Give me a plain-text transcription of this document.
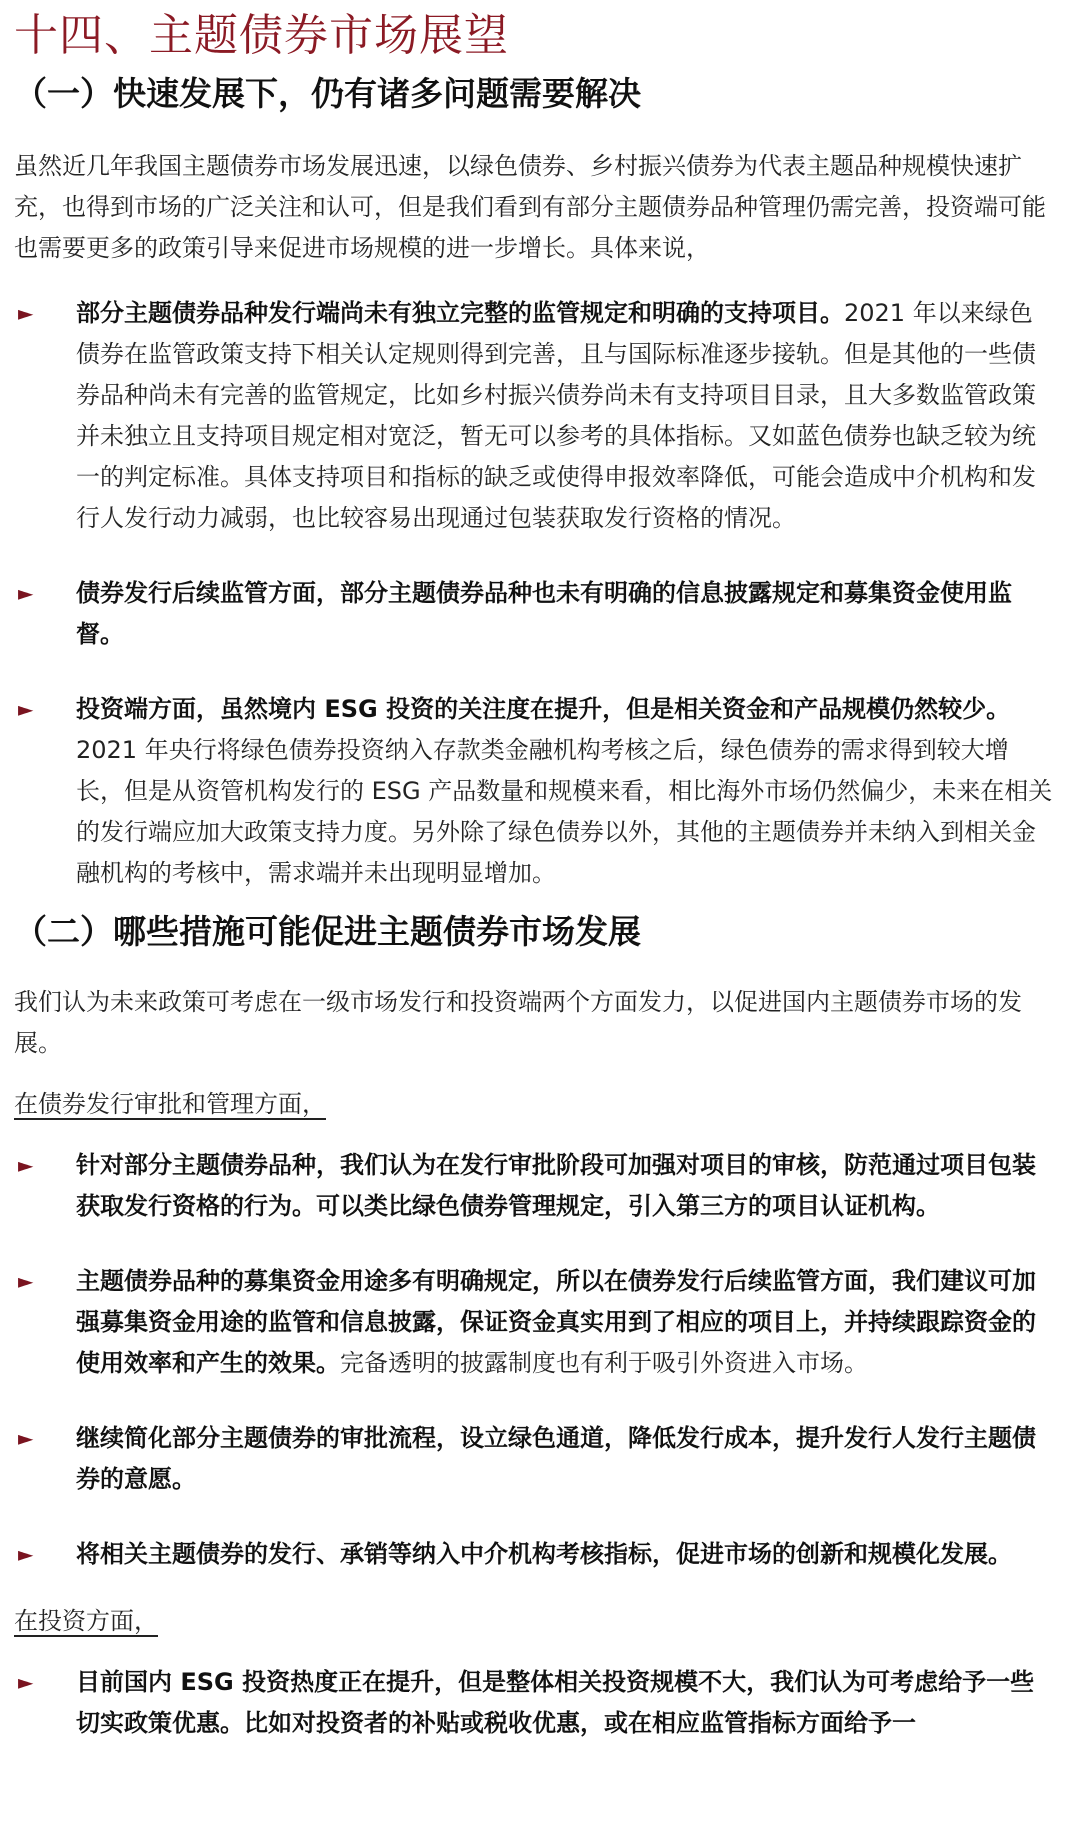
十四、主题债券市场展望
（一）快速发展下，仍有诸多问题需要解决

虽然近几年我国主题债券市场发展迅速，以绿色债券、乡村振兴债券为代表主题品种规模快速扩充，也得到市场的广泛关注和认可，但是我们看到有部分主题债券品种管理仍需完善，投资端可能也需要更多的政策引导来促进市场规模的进一步增长。具体来说，

►	部分主题债券品种发行端尚未有独立完整的监管规定和明确的支持项目。2021 年以来绿色债券在监管政策支持下相关认定规则得到完善，且与国际标准逐步接轨。但是其他的一些债券品种尚未有完善的监管规定，比如乡村振兴债券尚未有支持项目目录，且大多数监管政策并未独立且支持项目规定相对宽泛，暂无可以参考的具体指标。又如蓝色债券也缺乏较为统一的判定标准。具体支持项目和指标的缺乏或使得申报效率降低，可能会造成中介机构和发行人发行动力减弱，也比较容易出现通过包装获取发行资格的情况。
►	债券发行后续监管方面，部分主题债券品种也未有明确的信息披露规定和募集资金使用监督。
►	投资端方面，虽然境内 ESG 投资的关注度在提升，但是相关资金和产品规模仍然较少。2021 年央行将绿色债券投资纳入存款类金融机构考核之后，绿色债券的需求得到较大增长，但是从资管机构发行的 ESG 产品数量和规模来看，相比海外市场仍然偏少，未来在相关的发行端应加大政策支持力度。另外除了绿色债券以外，其他的主题债券并未纳入到相关金融机构的考核中，需求端并未出现明显增加。
（二）哪些措施可能促进主题债券市场发展

我们认为未来政策可考虑在一级市场发行和投资端两个方面发力，以促进国内主题债券市场的发展。

在债券发行审批和管理方面，

►	针对部分主题债券品种，我们认为在发行审批阶段可加强对项目的审核，防范通过项目包装获取发行资格的行为。可以类比绿色债券管理规定，引入第三方的项目认证机构。
►	主题债券品种的募集资金用途多有明确规定，所以在债券发行后续监管方面，我们建议可加强募集资金用途的监管和信息披露，保证资金真实用到了相应的项目上，并持续跟踪资金的使用效率和产生的效果。完备透明的披露制度也有利于吸引外资进入市场。
►	继续简化部分主题债券的审批流程，设立绿色通道，降低发行成本，提升发行人发行主题债券的意愿。
►	将相关主题债券的发行、承销等纳入中介机构考核指标，促进市场的创新和规模化发展。

在投资方面，

►	目前国内 ESG 投资热度正在提升，但是整体相关投资规模不大，我们认为可考虑给予一些切实政策优惠。比如对投资者的补贴或税收优惠，或在相应监管指标方面给予一
